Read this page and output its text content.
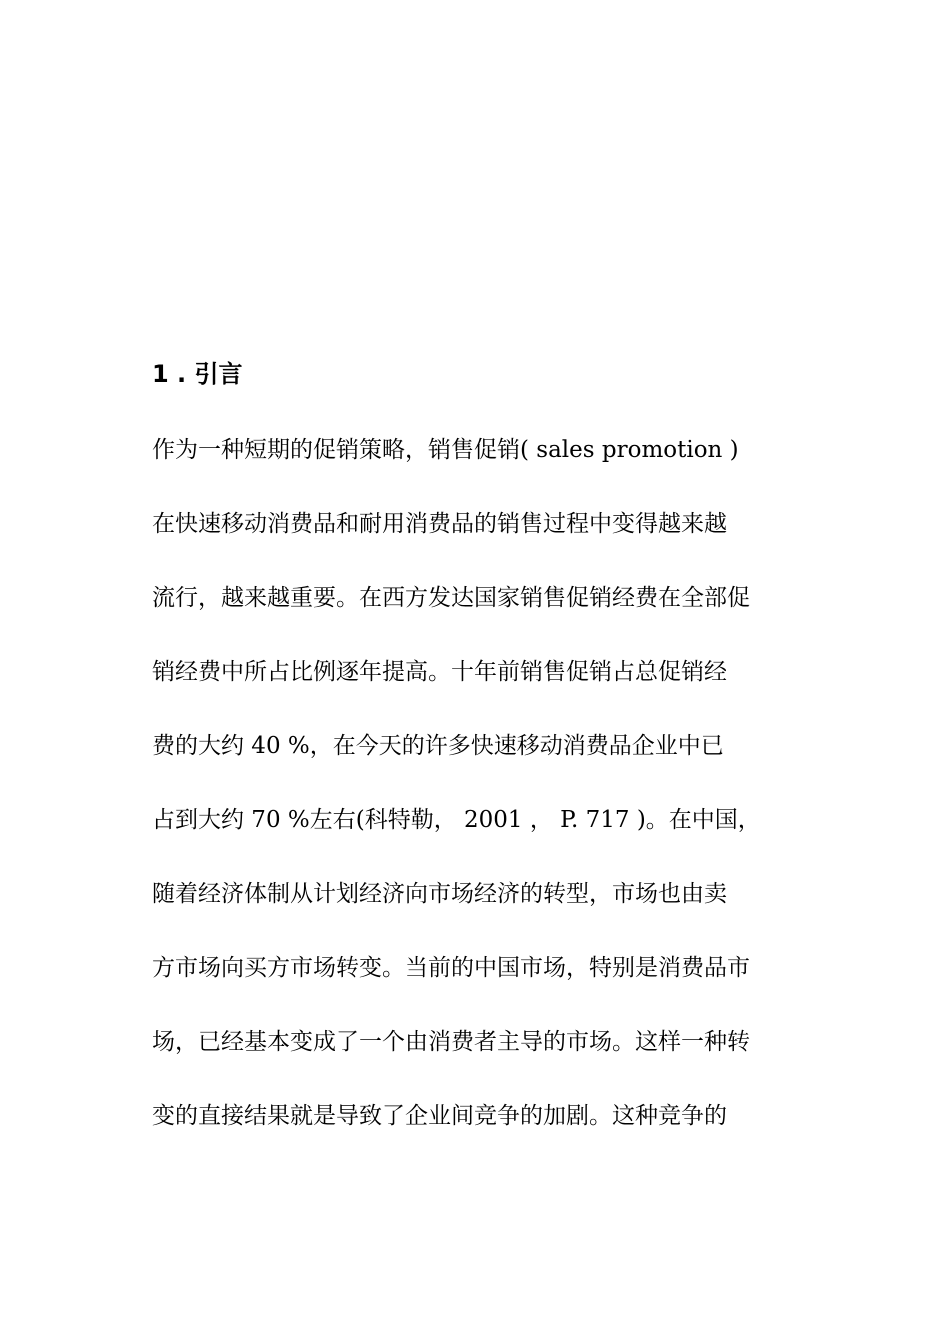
1 . 引言
作为一种短期的促销策略，销售促销( sales promotion )
在快速移动消费品和耐用消费品的销售过程中变得越来越
流行，越来越重要。在西方发达国家销售促销经费在全部促
销经费中所占比例逐年提高。十年前销售促销占总促销经
费的大约 40 %，在今天的许多快速移动消费品企业中已
占到大约 70 %左右(科特勒， 2001 ， P. 717 )。在中国，
随着经济体制从计划经济向市场经济的转型，市场也由卖
方市场向买方市场转变。当前的中国市场，特别是消费品市
场，已经基本变成了一个由消费者主导的市场。这样一种转
变的直接结果就是导致了企业间竞争的加剧。这种竞争的
